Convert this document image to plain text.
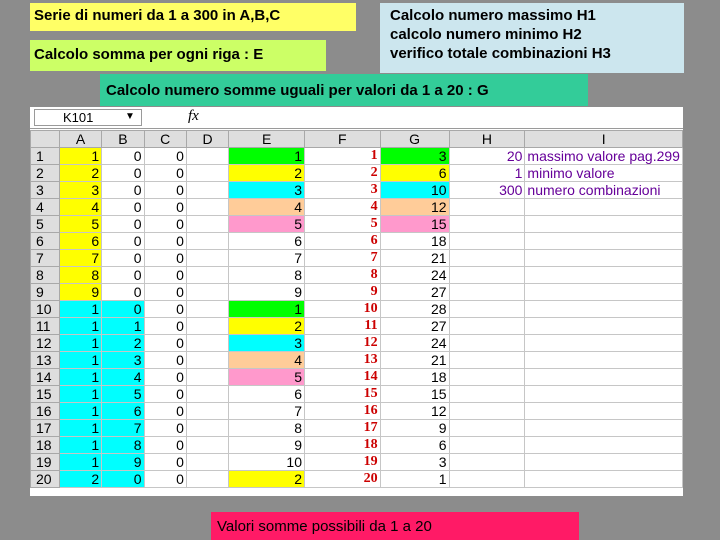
Serie di numeri da 1 a 300 in A,B,C
Calcolo somma per ogni riga : E
Calcolo numero massimo H1
calcolo numero minimo H2
verifico totale combinazioni H3
Calcolo numero somme uguali per valori da 1 a 20 : G
K101	▼	fx
	A	B	C	D	E	F	G	H	I
1	1	0	0		1	1	3	20	massimo valore pag.299
2	2	0	0		2	2	6	1	minimo valore
3	3	0	0		3	3	10	300	numero combinazioni
4	4	0	0		4	4	12		
5	5	0	0		5	5	15		
6	6	0	0		6	6	18		
7	7	0	0		7	7	21		
8	8	0	0		8	8	24		
9	9	0	0		9	9	27		
10	1	0	0		1	10	28		
11	1	1	0		2	11	27		
12	1	2	0		3	12	24		
13	1	3	0		4	13	21		
14	1	4	0		5	14	18		
15	1	5	0		6	15	15		
16	1	6	0		7	16	12		
17	1	7	0		8	17	9		
18	1	8	0		9	18	6		
19	1	9	0		10	19	3		
20	2	0	0		2	20	1		
Valori somme possibili da 1 a 20
